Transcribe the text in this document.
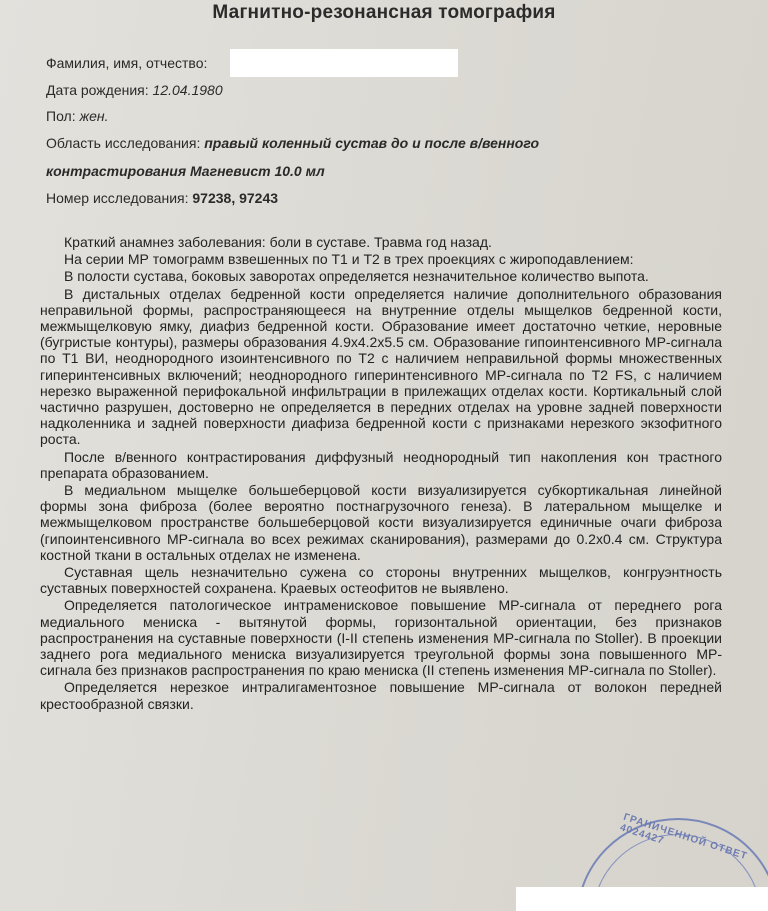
Магнитно-резонансная томография
Фамилия, имя, отчество:
Дата рождения: 12.04.1980
Пол: жен.
Область исследования: правый коленный сустав до и после в/венного
контрастирования Магневист 10.0 мл
Номер исследования: 97238, 97243

Краткий анамнез заболевания: боли в суставе. Травма год назад.

На серии МР томограмм взвешенных по Т1 и Т2 в трех проекциях с жироподавлением:

В полости сустава, боковых заворотах определяется незначительное количество выпота.

В дистальных отделах бедренной кости определяется наличие дополнительного образования неправильной формы, распространяющееся на внутренние отделы мыщелков бедренной кости, межмыщелковую ямку, диафиз бедренной кости. Образование имеет достаточно четкие, неровные (бугристые контуры), размеры образования 4.9х4.2х5.5 см. Образование гипоинтенсивного МР-сигнала по Т1 ВИ, неоднородного изоинтенсивного по Т2 с наличием неправильной формы множественных гиперинтенсивных включений; неоднородного гиперинтенсивного МР-сигнала по T2 FS, с наличием нерезко выраженной перифокальной инфильтрации в прилежащих отделах кости. Кортикальный слой частично разрушен, достоверно не определяется в передних отделах на уровне задней поверхности надколенника и задней поверхности диафиза бедренной кости с признаками нерезкого экзофитного роста.

После в/венного контрастирования диффузный неоднородный тип накопления кон трастного препарата образованием.

В медиальном мыщелке большеберцовой кости визуализируется субкортикальная линейной формы зона фиброза (более вероятно постнагрузочного генеза). В латеральном мыщелке и межмыщелковом пространстве большеберцовой кости визуализируется единичные очаги фиброза (гипоинтенсивного МР-сигнала во всех режимах сканирования), размерами до 0.2х0.4 см. Структура костной ткани в остальных отделах не изменена.

Суставная щель незначительно сужена со стороны внутренних мыщелков, конгруэнтность суставных поверхностей сохранена. Краевых остеофитов не выявлено.

Определяется патологическое интраменисковое повышение МР-сигнала от переднего рога медиального мениска - вытянутой формы, горизонтальной ориентации, без признаков распространения на суставные поверхности (I-II степень изменения МР-сигнала по Stoller). В проекции заднего рога медиального мениска визуализируется треугольной формы зона повышенного МР-сигнала без признаков распространения по краю мениска (II степень изменения МР-сигнала по Stoller).

Определяется нерезкое интралигаментозное повышение МР-сигнала от волокон передней крестообразной связки.

ГРАНИЧЕННОЙ ОТВЕТ 4024427
